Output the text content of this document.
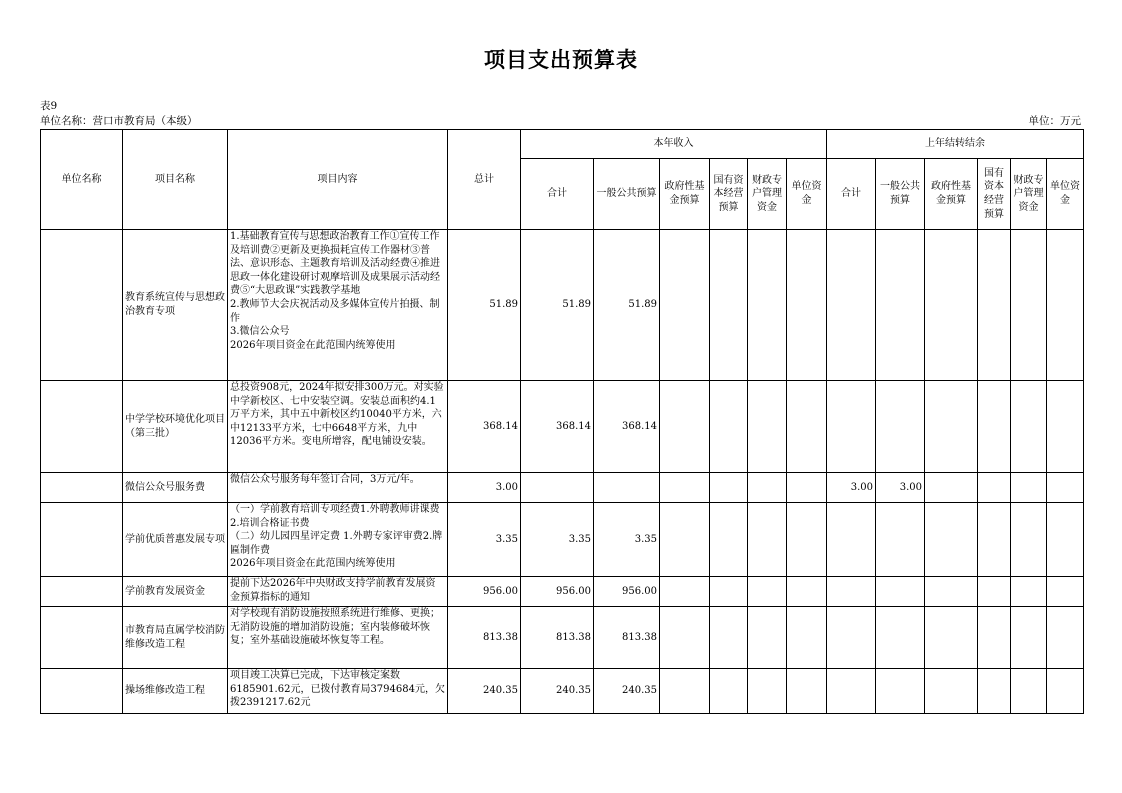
项目支出预算表
表9
单位名称：营口市教育局（本级）	单位：万元
单位名称	项目名称	项目内容	总计	本年收入						上年结转结余					
				合计	一般公共预算	政府性基金预算	国有资本经营预算	财政专户管理资金	单位资金	合计	一般公共预算	政府性基金预算	国有资本经营预算	财政专户管理资金	单位资金
	教育系统宣传与思想政治教育专项	1.基础教育宣传与思想政治教育工作①宣传工作及培训费②更新及更换损耗宣传工作器材③普法、意识形态、主题教育培训及活动经费④推进思政一体化建设研讨观摩培训及成果展示活动经费⑤“大思政课”实践教学基地
2.教师节大会庆祝活动及多媒体宣传片拍摄、制作
3.微信公众号
2026年项目资金在此范围内统筹使用	51.89	51.89	51.89										
	中学学校环境优化项目（第三批）	总投资908元，2024年拟安排300万元。对实验中学新校区、七中安装空调。安装总面积约4.1万平方米，其中五中新校区约10040平方米，六中12133平方米，七中6648平方米，九中12036平方米。变电所增容，配电铺设安装。	368.14	368.14	368.14										
	微信公众号服务费	微信公众号服务每年签订合同，3万元/年。	3.00							3.00	3.00				
	学前优质普惠发展专项	（一）学前教育培训专项经费1.外聘教师讲课费2.培训合格证书费
（二）幼儿园四星评定费 1.外聘专家评审费2.牌匾制作费
2026年项目资金在此范围内统筹使用	3.35	3.35	3.35										
	学前教育发展资金	提前下达2026年中央财政支持学前教育发展资金预算指标的通知	956.00	956.00	956.00										
	市教育局直属学校消防维修改造工程	对学校现有消防设施按照系统进行维修、更换；无消防设施的增加消防设施；室内装修破坏恢复；室外基础设施破坏恢复等工程。	813.38	813.38	813.38										
	操场维修改造工程	项目竣工决算已完成，下达审核定案数6185901.62元，已拨付教育局3794684元，欠拨2391217.62元	240.35	240.35	240.35										
